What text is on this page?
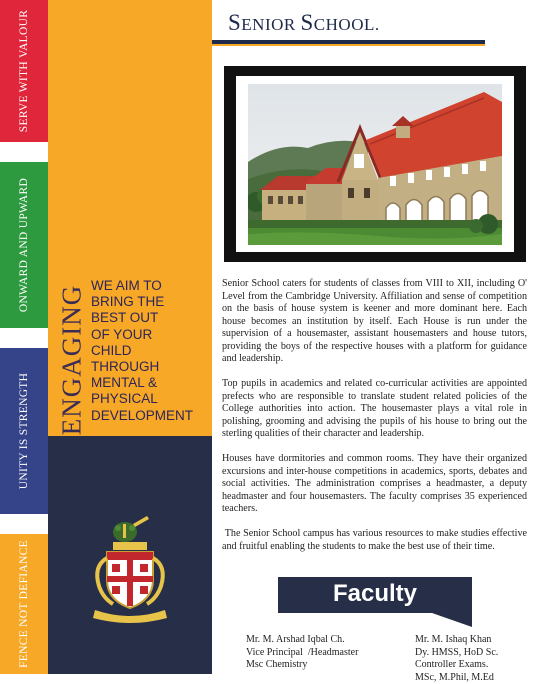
SERVE WITH VALOUR
ONWARD AND UPWARD
UNITY IS STRENGTH
FENCE NOT DEFIANCE
ENGAGING WE AIM TO
BRING THE
BEST OUT
OF YOUR
CHILD
THROUGH
MENTAL &
PHYSICAL
DEVELOPMENT
SENIOR SCHOOL.

Senior School caters for students of classes from VIII to XII, including O' Level from the Cambridge University. Affiliation and sense of competition on the basis of house system is keener and more dominant here. Each house becomes an institution by itself. Each House is run under the supervision of a housemaster, assistant housemasters and house tutors, providing the boys of the respective houses with a platform for guidance and leadership.

Top pupils in academics and related co-curricular activities are appointed prefects who are responsible to translate student related policies of the College authorities into action. The housemaster plays a vital role in polishing, grooming and advising the pupils of his house to bring out the sterling qualities of their character and leadership.

Houses have dormitories and common rooms. They have their organized excursions and inter-house competitions in academics, sports, debates and social activities. The administration comprises a headmaster, a deputy headmaster and four housemasters. The faculty comprises 35 experienced teachers.

The Senior School campus has various resources to make studies effective and fruitful enabling the students to make the best use of their time.

Faculty
Mr. M. Arshad Iqbal Ch.
Vice Principal  /Headmaster
Msc Chemistry
Mr. M. Ishaq Khan
Dy. HMSS, HoD Sc.
Controller Exams.
MSc, M.Phil, M.Ed
